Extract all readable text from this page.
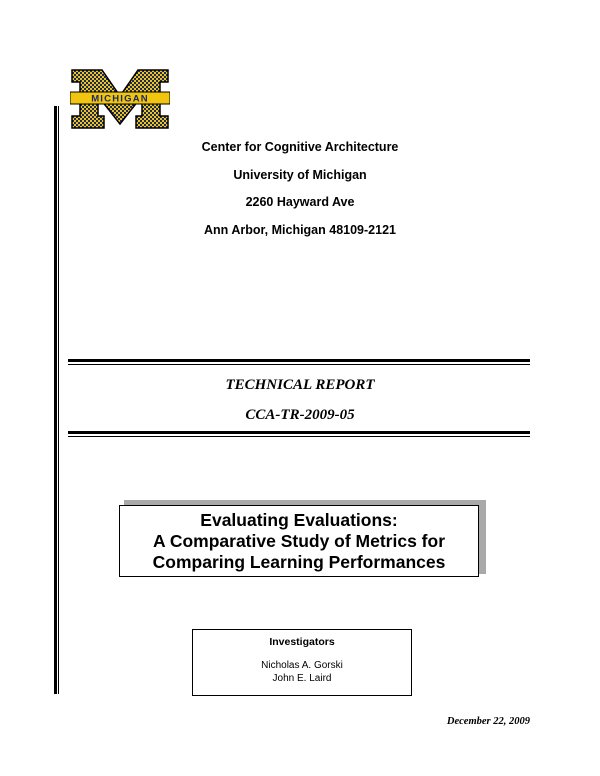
MICHIGAN
Center for Cognitive Architecture
University of Michigan
2260 Hayward Ave
Ann Arbor, Michigan 48109-2121
TECHNICAL REPORT
CCA-TR-2009-05
Evaluating Evaluations:
A Comparative Study of Metrics for
Comparing Learning Performances
Investigators
Nicholas A. Gorski
John E. Laird
December 22, 2009
